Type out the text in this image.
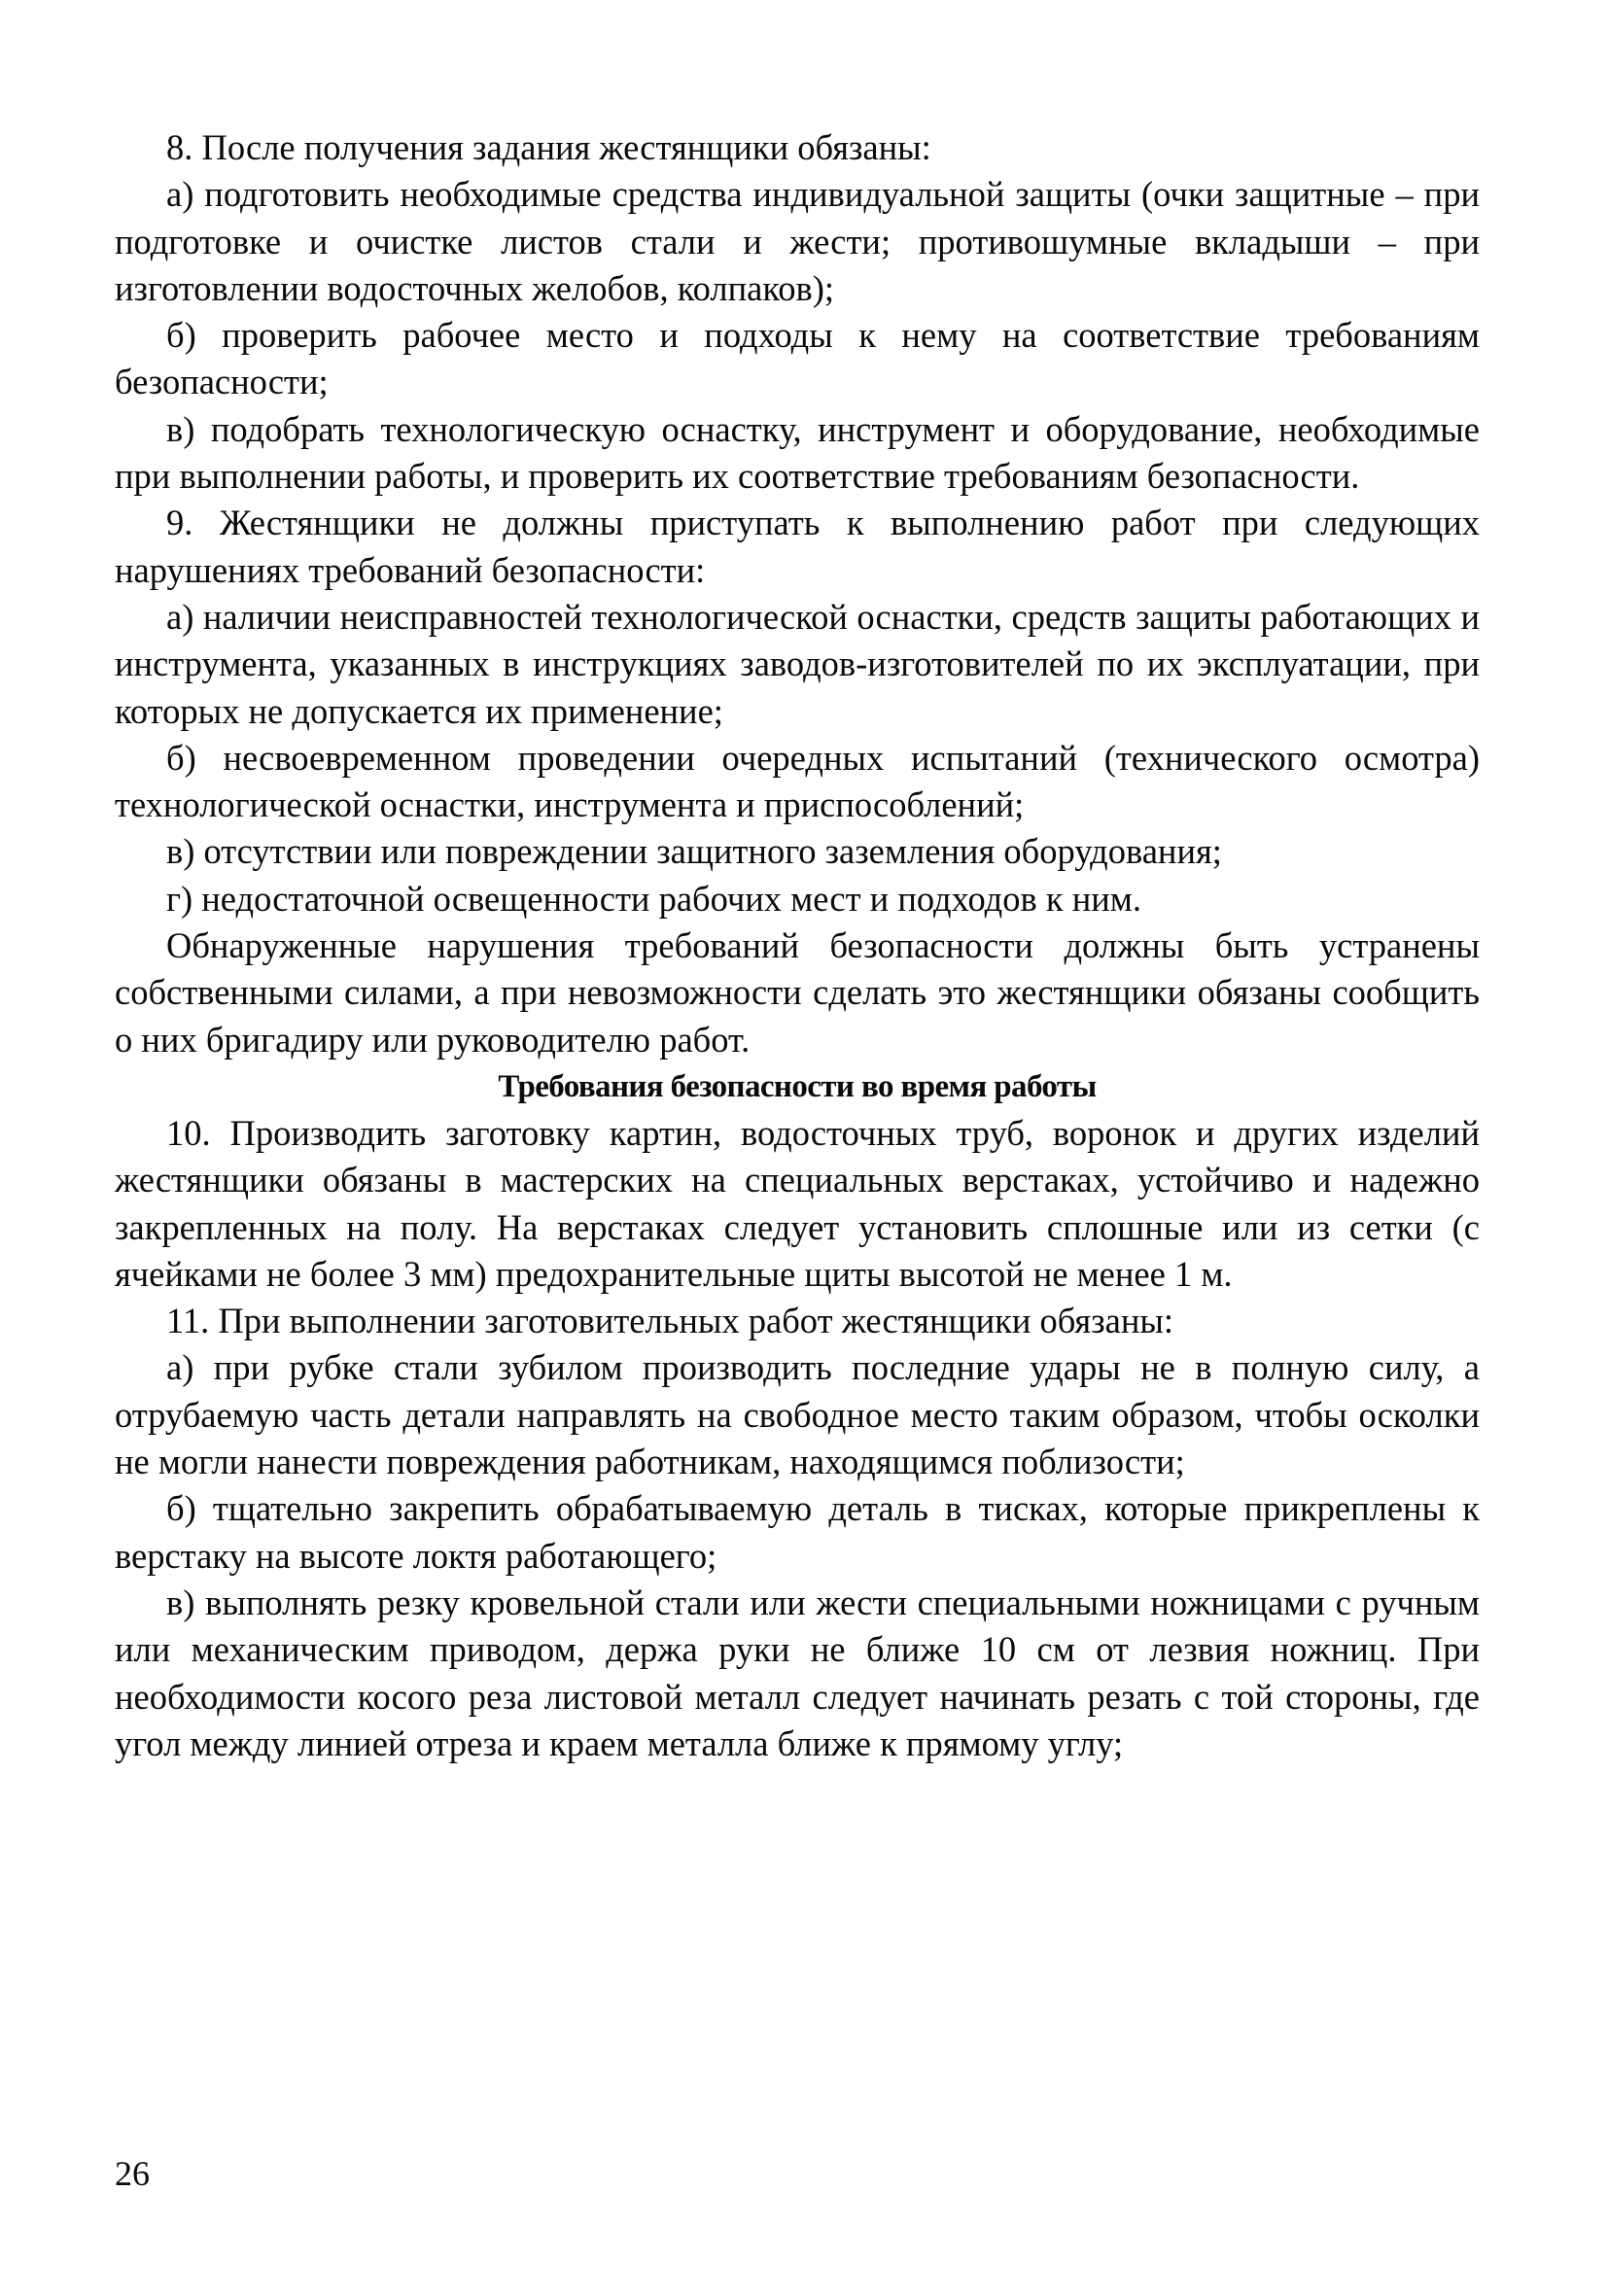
8. После получения задания жестянщики обязаны:

а) подготовить необходимые средства индивидуальной защиты (очки защитные – при подготовке и очистке листов стали и жести; противошумные вкладыши – при изготовлении водосточных желобов, колпаков);

б) проверить рабочее место и подходы к нему на соответствие требованиям безопасности;

в) подобрать технологическую оснастку, инструмент и оборудование, необходимые при выполнении работы, и проверить их соответствие требованиям безопасности.

9. Жестянщики не должны приступать к выполнению работ при следующих нарушениях требований безопасности:

а) наличии неисправностей технологической оснастки, средств защиты работающих и инструмента, указанных в инструкциях заводов-изготовителей по их эксплуатации, при которых не допускается их применение;

б) несвоевременном проведении очередных испытаний (технического осмотра) технологической оснастки, инструмента и приспособлений;

в) отсутствии или повреждении защитного заземления оборудования;

г) недостаточной освещенности рабочих мест и подходов к ним.

Обнаруженные нарушения требований безопасности должны быть устранены собственными силами, а при невозможности сделать это жестянщики обязаны сообщить о них бригадиру или руководителю работ.

Требования безопасности во время работы

10. Производить заготовку картин, водосточных труб, воронок и других изделий жестянщики обязаны в мастерских на специальных верстаках, устойчиво и надежно закрепленных на полу. На верстаках следует установить сплошные или из сетки (с ячейками не более 3 мм) предохранительные щиты высотой не менее 1 м.

11. При выполнении заготовительных работ жестянщики обязаны:

а) при рубке стали зубилом производить последние удары не в полную силу, а отрубаемую часть детали направлять на свободное место таким образом, чтобы осколки не могли нанести повреждения работникам, находящимся поблизости;

б) тщательно закрепить обрабатываемую деталь в тисках, которые прикреплены к верстаку на высоте локтя работающего;

в) выполнять резку кровельной стали или жести специальными ножницами с ручным или механическим приводом, держа руки не ближе 10 см от лезвия ножниц. При необходимости косого реза листовой металл следует начинать резать с той стороны, где угол между линией отреза и краем металла ближе к прямому углу;

26
